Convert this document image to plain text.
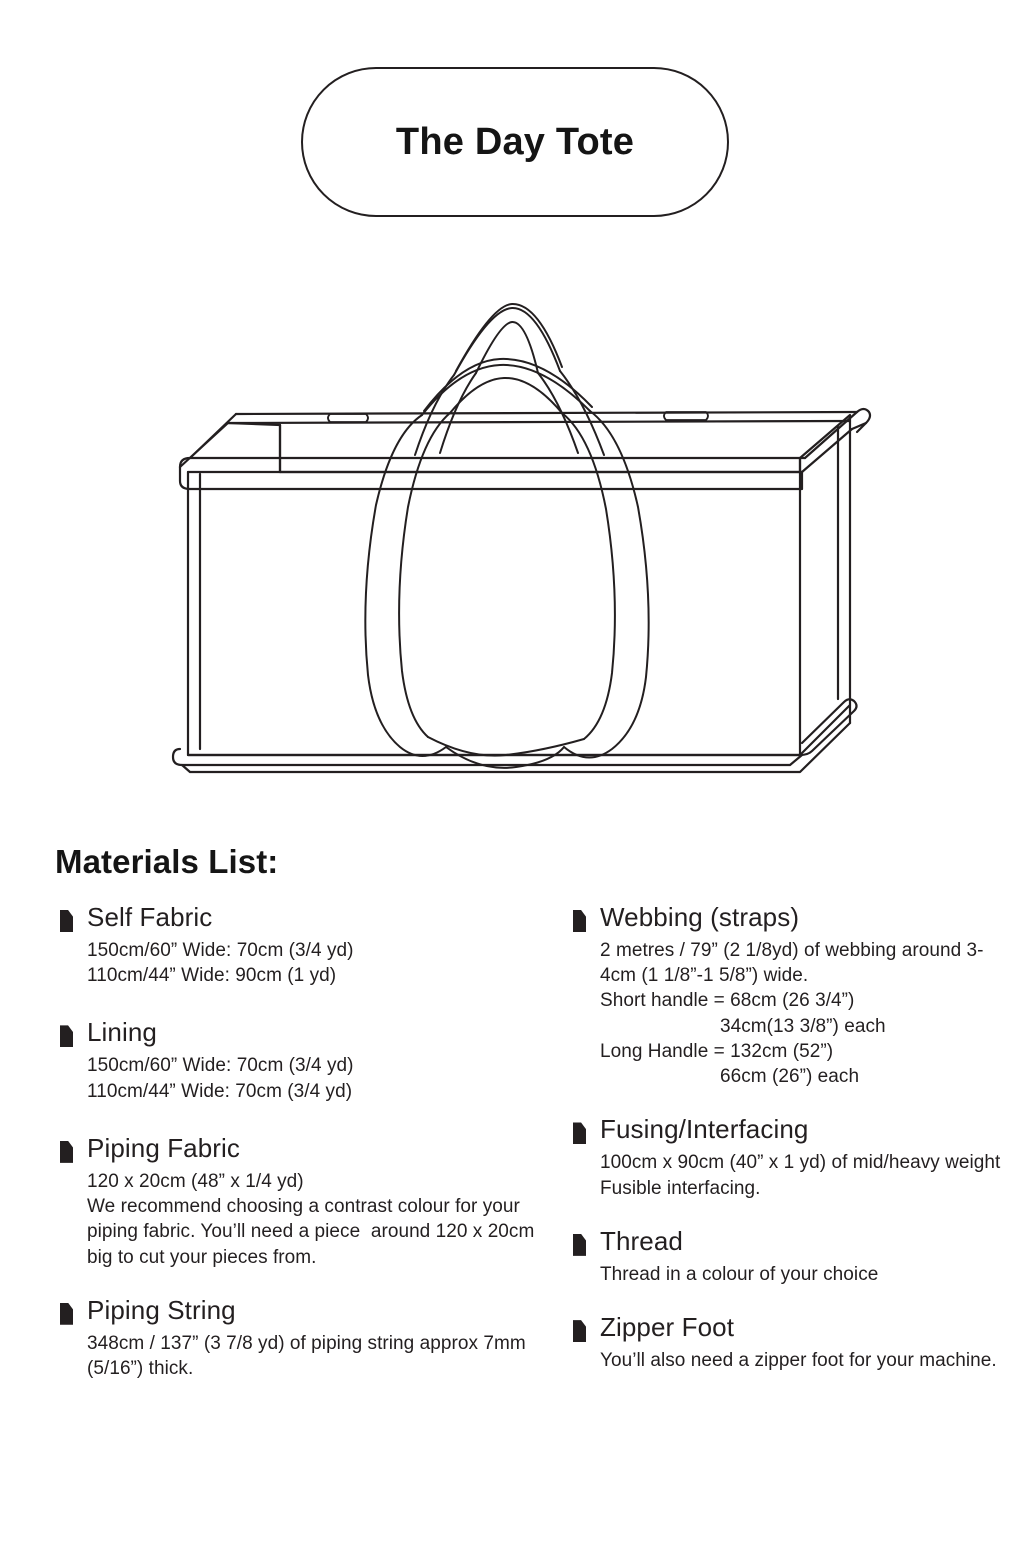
The Day Tote
Materials List:
Self Fabric
150cm/60” Wide: 70cm (3/4 yd)
110cm/44” Wide: 90cm (1 yd)
Lining
150cm/60” Wide: 70cm (3/4 yd)
110cm/44” Wide: 70cm (3/4 yd)
Piping Fabric
120 x 20cm (48” x 1/4 yd)
We recommend choosing a contrast colour for your piping fabric. You’ll need a piece  around 120 x 20cm big to cut your pieces from.
Piping String
348cm / 137” (3 7/8 yd) of piping string approx 7mm (5/16”) thick.
Webbing (straps)
2 metres / 79” (2 1/8yd) of webbing around 3-4cm (1 1/8”-1 5/8”) wide.
Short handle = 68cm (26 3/4”)
34cm(13 3/8”) each
Long Handle = 132cm (52”)
66cm (26”) each
Fusing/Interfacing
100cm x 90cm (40” x 1 yd) of mid/heavy weight Fusible interfacing.
Thread
Thread in a colour of your choice
Zipper Foot
You’ll also need a zipper foot for your machine.
